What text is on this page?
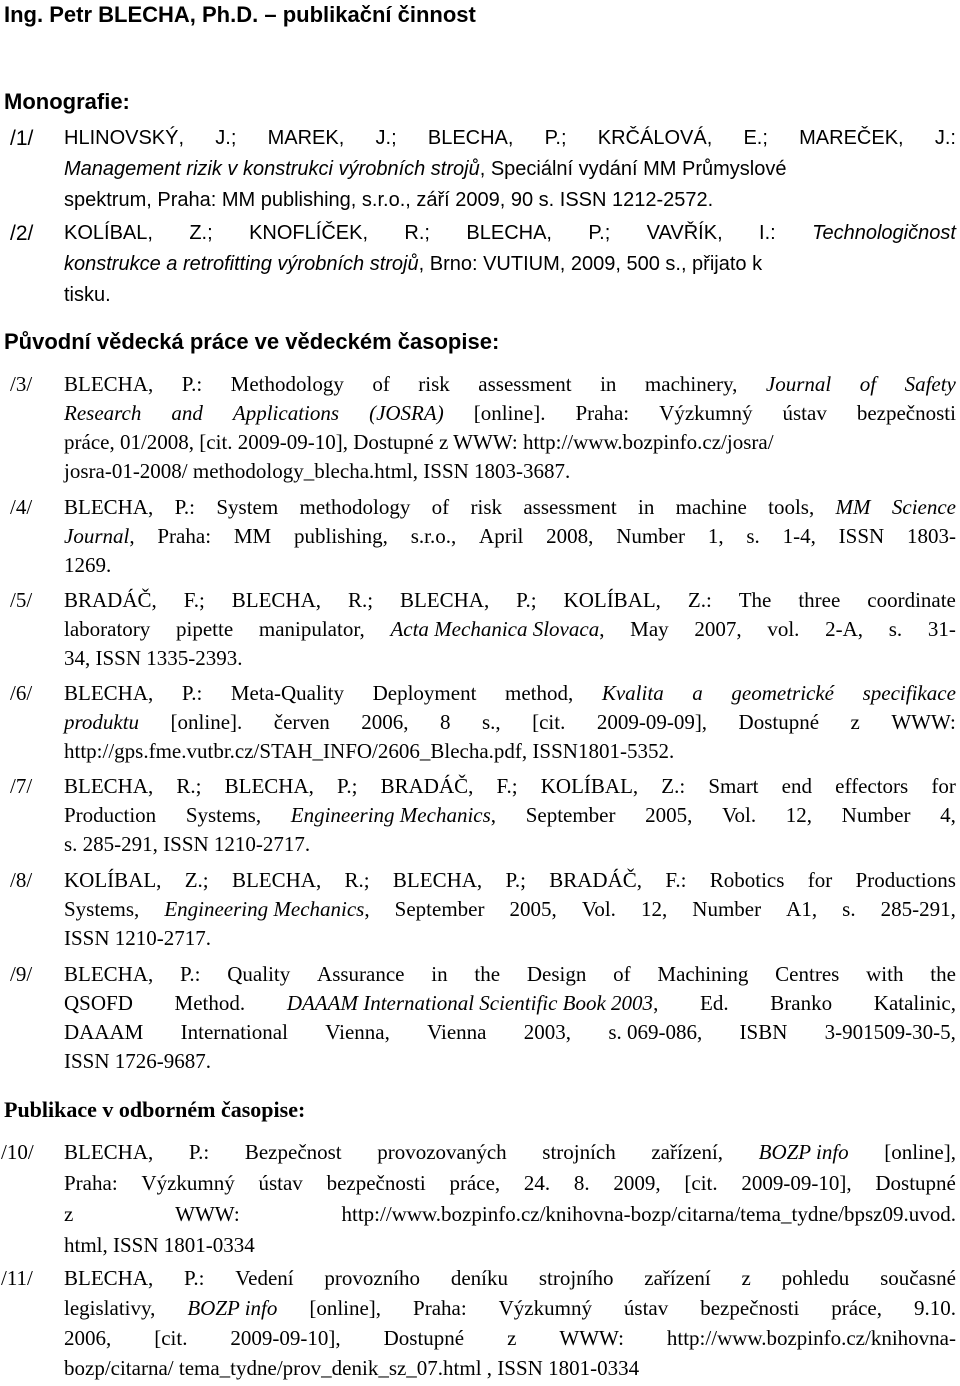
Ing. Petr BLECHA, Ph.D. – publikační činnost
Monografie:
/1/ HLINOVSKÝ, J.; MAREK, J.; BLECHA, P.; KRČÁLOVÁ, E.; MAREČEK, J.:
Management rizik v konstrukci výrobních strojů, Speciální vydání MM Průmyslové
spektrum, Praha: MM publishing, s.r.o., září 2009, 90 s. ISSN 1212-2572.
/2/ KOLÍBAL, Z.; KNOFLÍČEK, R.; BLECHA, P.; VAVŘÍK, I.: Technologičnost
konstrukce a retrofitting výrobních strojů, Brno: VUTIUM, 2009, 500 s., přijato k
tisku.
Původní vědecká práce ve vědeckém časopise:
/3/ BLECHA, P.: Methodology of risk assessment in machinery, Journal of Safety
Research and Applications (JOSRA) [online]. Praha: Výzkumný ústav bezpečnosti
práce, 01/2008, [cit. 2009-09-10], Dostupné z WWW: http://www.bozpinfo.cz/josra/
josra-01-2008/ methodology_blecha.html, ISSN 1803-3687.
/4/ BLECHA, P.: System methodology of risk assessment in machine tools, MM Science
Journal, Praha: MM publishing, s.r.o., April 2008, Number 1, s. 1-4, ISSN 1803-
1269.
/5/ BRADÁČ, F.; BLECHA, R.; BLECHA, P.; KOLÍBAL, Z.: The three coordinate
laboratory pipette manipulator, Acta Mechanica Slovaca, May 2007, vol. 2-A, s. 31-
34, ISSN 1335-2393.
/6/ BLECHA, P.: Meta-Quality Deployment method, Kvalita a geometrické specifikace
produktu [online]. červen 2006, 8 s., [cit. 2009-09-09], Dostupné z WWW:
http://gps.fme.vutbr.cz/STAH_INFO/2606_Blecha.pdf, ISSN1801-5352.
/7/ BLECHA, R.; BLECHA, P.; BRADÁČ, F.; KOLÍBAL, Z.: Smart end effectors for
Production Systems, Engineering Mechanics, September 2005, Vol. 12, Number 4,
s. 285-291, ISSN 1210-2717.
/8/ KOLÍBAL, Z.; BLECHA, R.; BLECHA, P.; BRADÁČ, F.: Robotics for Productions
Systems, Engineering Mechanics, September 2005, Vol. 12, Number A1, s. 285-291,
ISSN 1210-2717.
/9/ BLECHA, P.: Quality Assurance in the Design of Machining Centres with the
QSOFD Method. DAAAM International Scientific Book 2003, Ed. Branko Katalinic,
DAAAM International Vienna, Vienna 2003, s. 069-086, ISBN 3-901509-30-5,
ISSN 1726-9687.
Publikace v odborném časopise:
/10/ BLECHA, P.: Bezpečnost provozovaných strojních zařízení, BOZP info [online],
Praha: Výzkumný ústav bezpečnosti práce, 24. 8. 2009, [cit. 2009-09-10], Dostupné
z	WWW:	http://www.bozpinfo.cz/knihovna-bozp/citarna/tema_tydne/bpsz09.uvod.
html, ISSN 1801-0334
/11/ BLECHA, P.: Vedení provozního deníku strojního zařízení z pohledu současné
legislativy, BOZP info [online], Praha: Výzkumný ústav bezpečnosti práce, 9.10.
2006, [cit. 2009-09-10], Dostupné z WWW: http://www.bozpinfo.cz/knihovna-
bozp/citarna/ tema_tydne/prov_denik_sz_07.html , ISSN 1801-0334
